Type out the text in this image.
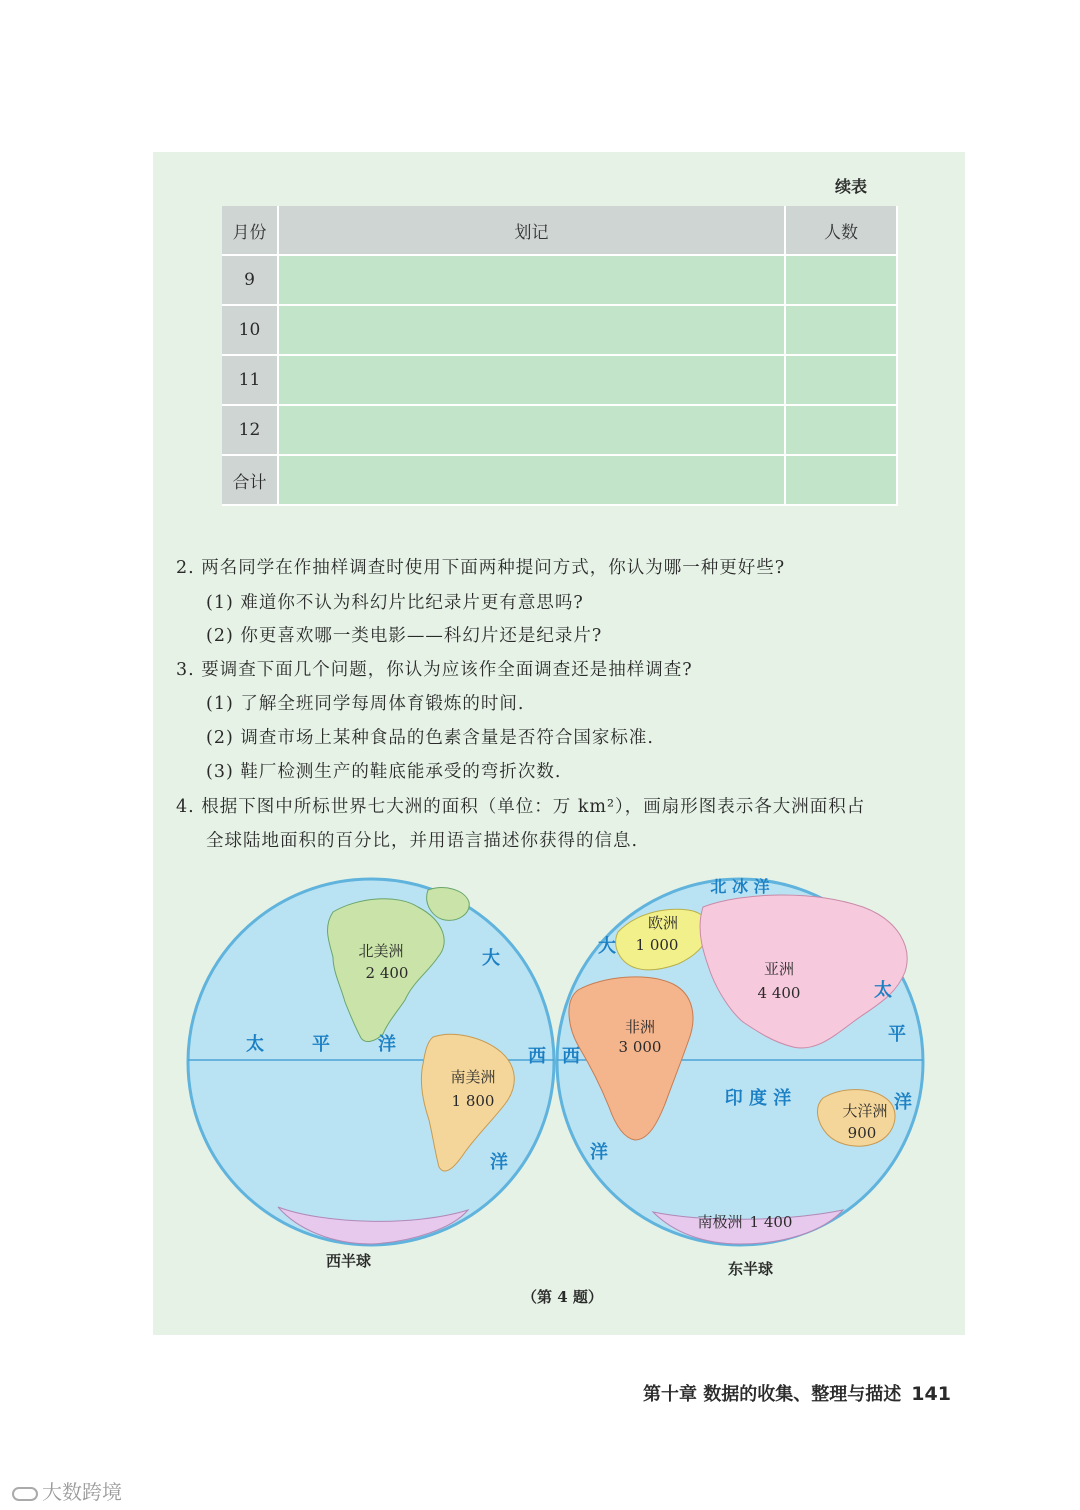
续表
月份	划记	人数
9		
10		
11		
12		
合计		
2. 两名同学在作抽样调查时使用下面两种提问方式，你认为哪一种更好些?
(1) 难道你不认为科幻片比纪录片更有意思吗?
(2) 你更喜欢哪一类电影——科幻片还是纪录片?
3. 要调查下面几个问题，你认为应该作全面调查还是抽样调查?
(1) 了解全班同学每周体育锻炼的时间.
(2) 调查市场上某种食品的色素含量是否符合国家标准.
(3) 鞋厂检测生产的鞋底能承受的弯折次数.
4. 根据下图中所标世界七大洲的面积（单位：万 km²），画扇形图表示各大洲面积占
全球陆地面积的百分比，并用语言描述你获得的信息.
北美洲
2 400
南美洲
1 800
欧洲
1 000
亚洲
4 400
非洲
3 000
大洋洲
900
南极洲 1 400
太	平	洋
大
西
洋
大
西
洋
北 冰 洋
印 度 洋
太
平
洋
西半球	东半球
（第 4 题）
第十章 数据的收集、整理与描述 141
大数跨境
